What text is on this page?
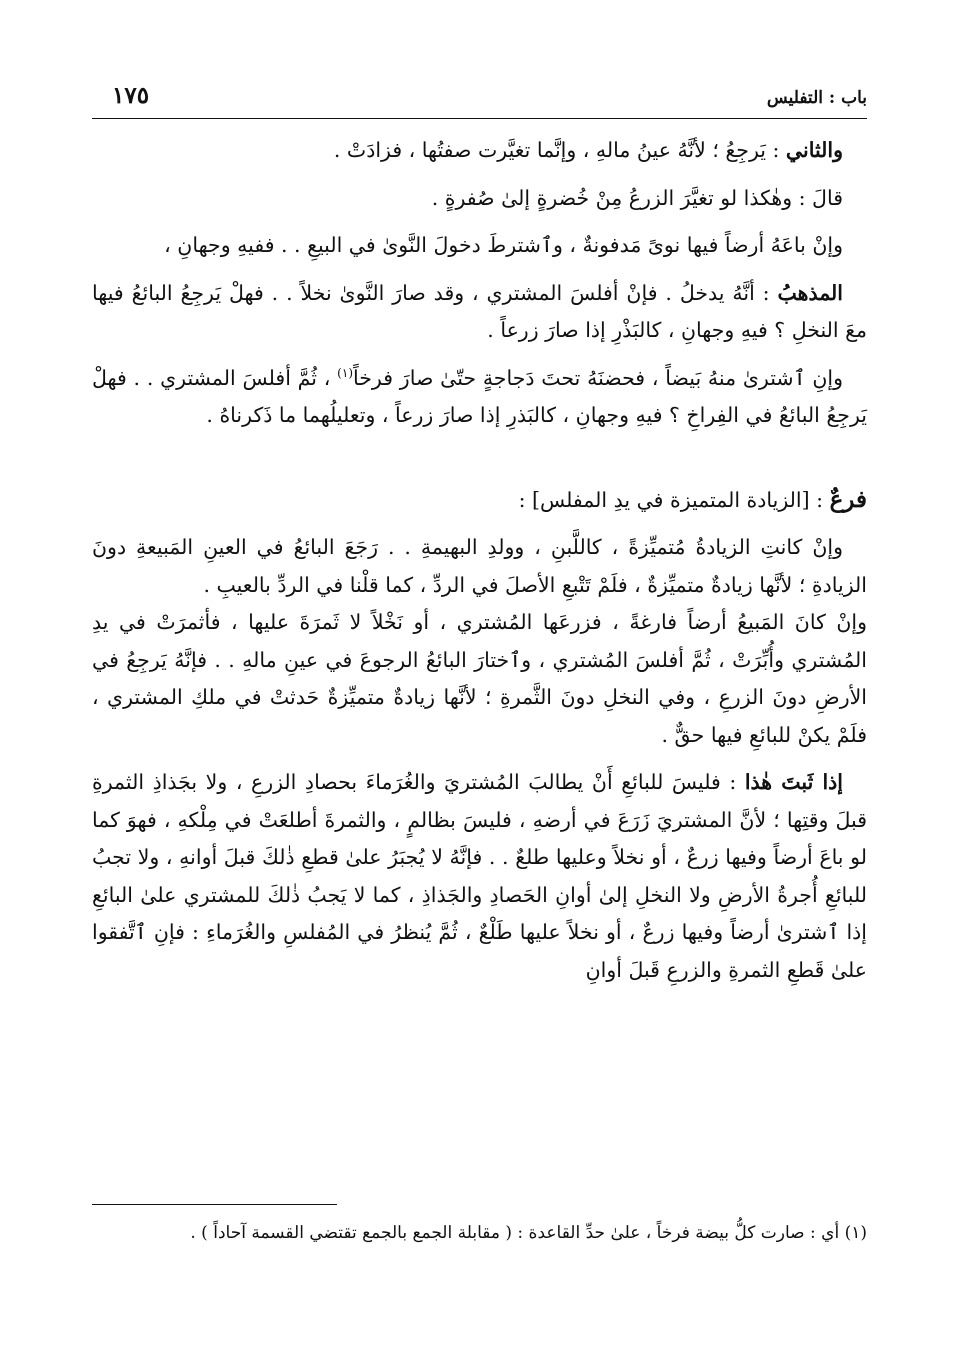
باب : التفليس
١٧٥

والثاني : يَرجِعُ ؛ لأنَّهُ عينُ مالهِ ، وإنَّما تغيَّرت صفتُها ، فزادَتْ .

قالَ : وهٰكذا لو تغيَّرَ الزرعُ مِنْ خُضرةٍ إلىٰ صُفرةٍ .

وإنْ باعَهُ أرضاً فيها نوىً مَدفونةٌ ، وٱشترطَ دخولَ النَّوىٰ في البيعِ . . ففيهِ وجهانِ ،

المذهبُ : أنَّهُ يدخلُ . فإنْ أفلسَ المشتري ، وقد صارَ النَّوىٰ نخلاً . . فهلْ يَرجِعُ البائعُ فيها معَ النخلِ ؟ فيهِ وجهانِ ، كالبَذْرِ إذا صارَ زرعاً .

وإنِ ٱشترىٰ منهُ بَيضاً ، فحضنَهُ تحتَ دَجاجةٍ حتّىٰ صارَ فرخاً$^{(١)}$ ، ثُمَّ أفلسَ المشتري . . فهلْ يَرجِعُ البائعُ في الفِراخِ ؟ فيهِ وجهانِ ، كالبَذرِ إذا صارَ زرعاً ، وتعليلُهما ما ذَكرناهُ .

فرعٌ : [الزيادة المتميزة في يدِ المفلس] :

وإنْ كانتِ الزيادةُ مُتميِّزةً ، كاللَّبنِ ، وولدِ البهيمةِ . . رَجَعَ البائعُ في العينِ المَبيعةِ دونَ الزيادةِ ؛ لأنَّها زيادةٌ متميِّزةٌ ، فلَمْ تَتْبعِ الأصلَ في الردِّ ، كما قلْنا في الردِّ بالعيبِ .

وإنْ كانَ المَبيعُ أرضاً فارغةً ، فزرعَها المُشتري ، أو نَخْلاً لا ثَمرَةَ عليها ، فأثمرَتْ في يدِ المُشتري وأُبِّرَتْ ، ثُمَّ أفلسَ المُشتري ، وٱختارَ البائعُ الرجوعَ في عينِ مالهِ . . فإنَّهُ يَرجِعُ في الأرضِ دونَ الزرعِ ، وفي النخلِ دونَ الثَّمرةِ ؛ لأنَّها زيادةٌ متميِّزةٌ حَدثتْ في ملكِ المشتري ، فلَمْ يكنْ للبائعِ فيها حقٌّ .

إذا ثَبتَ هٰذا : فليسَ للبائعِ أَنْ يطالبَ المُشتريَ والغُرَماءَ بحصادِ الزرعِ ، ولا بجَذاذِ الثمرةِ قبلَ وقتِها ؛ لأنَّ المشتريَ زَرَعَ في أرضهِ ، فليسَ بظالمٍ ، والثمرةَ أطلعَتْ في مِلْكهِ ، فهوَ كما لو باعَ أرضاً وفيها زرعٌ ، أو نخلاً وعليها طلعٌ . . فإنَّهُ لا يُجبَرُ علىٰ قطعِ ذٰلكَ قبلَ أوانهِ ، ولا تجبُ للبائعِ أُجرةُ الأرضِ ولا النخلِ إلىٰ أوانِ الحَصادِ والجَذاذِ ، كما لا يَجبُ ذٰلكَ للمشتري علىٰ البائعِ إذا ٱشترىٰ أرضاً وفيها زرعٌ ، أو نخلاً عليها طَلْعٌ ، ثُمَّ يُنظرُ في المُفلسِ والغُرَماءِ : فإنِ ٱتَّفقوا علىٰ قَطعِ الثمرةِ والزرعِ قَبلَ أوانِ

(١) أي : صارت كلُّ بيضة فرخاً ، علىٰ حدِّ القاعدة : ( مقابلة الجمع بالجمع تقتضي القسمة آحاداً ) .
